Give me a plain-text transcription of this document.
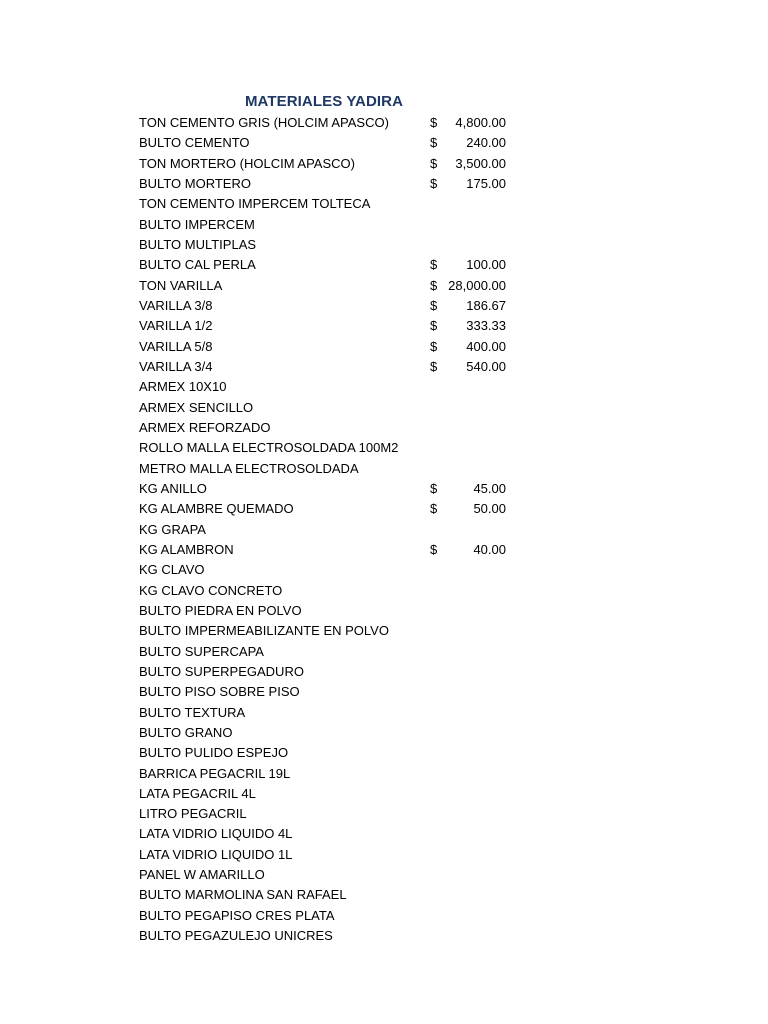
MATERIALES YADIRA
TON CEMENTO GRIS (HOLCIM APASCO)	$ 4,800.00
BULTO CEMENTO	$ 240.00
TON MORTERO (HOLCIM APASCO)	$ 3,500.00
BULTO MORTERO	$ 175.00
TON CEMENTO IMPERCEM TOLTECA
BULTO IMPERCEM
BULTO MULTIPLAS
BULTO CAL PERLA	$ 100.00
TON VARILLA	$ 28,000.00
VARILLA 3/8	$ 186.67
VARILLA 1/2	$ 333.33
VARILLA 5/8	$ 400.00
VARILLA 3/4	$ 540.00
ARMEX 10X10
ARMEX SENCILLO
ARMEX REFORZADO
ROLLO MALLA ELECTROSOLDADA 100M2
METRO MALLA ELECTROSOLDADA
KG ANILLO	$	45.00
KG ALAMBRE QUEMADO	$	50.00
KG GRAPA
KG ALAMBRON	$	40.00
KG CLAVO
KG CLAVO CONCRETO
BULTO PIEDRA EN POLVO
BULTO IMPERMEABILIZANTE EN POLVO
BULTO SUPERCAPA
BULTO SUPERPEGADURO
BULTO PISO SOBRE PISO
BULTO TEXTURA
BULTO GRANO
BULTO PULIDO ESPEJO
BARRICA PEGACRIL 19L
LATA PEGACRIL 4L
LITRO PEGACRIL
LATA VIDRIO LIQUIDO 4L
LATA VIDRIO LIQUIDO 1L
PANEL W AMARILLO
BULTO MARMOLINA SAN RAFAEL
BULTO PEGAPISO CRES PLATA
BULTO PEGAZULEJO UNICRES
